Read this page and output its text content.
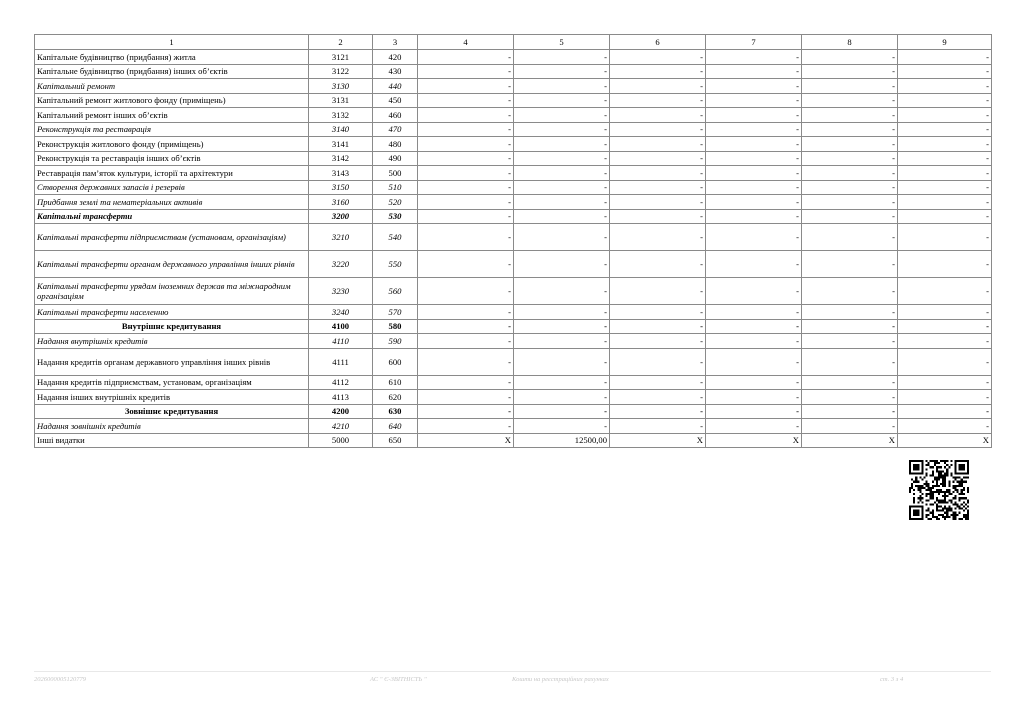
1	2	3	4	5	6	7	8	9
Капітальне будівництво (придбання) житла	3121	420	-	-	-	-	-	-
Капітальне будівництво (придбання) інших об’єктів	3122	430	-	-	-	-	-	-
Капітальний ремонт	3130	440	-	-	-	-	-	-
Капітальний ремонт житлового фонду (приміщень)	3131	450	-	-	-	-	-	-
Капітальний ремонт інших об’єктів	3132	460	-	-	-	-	-	-
Реконструкція та реставрація	3140	470	-	-	-	-	-	-
Реконструкція житлового фонду (приміщень)	3141	480	-	-	-	-	-	-
Реконструкція та реставрація інших об’єктів	3142	490	-	-	-	-	-	-
Реставрація пам’яток культури, історії та архітектури	3143	500	-	-	-	-	-	-
Створення державних запасів і резервів	3150	510	-	-	-	-	-	-
Придбання землі та нематеріальних активів	3160	520	-	-	-	-	-	-
Капітальні трансферти	3200	530	-	-	-	-	-	-
Капітальні трансферти підприємствам (установам, організаціям)	3210	540	-	-	-	-	-	-
Капітальні трансферти органам державного управління інших рівнів	3220	550	-	-	-	-	-	-
Капітальні трансферти урядам іноземних держав та міжнародним організаціям	3230	560	-	-	-	-	-	-
Капітальні трансферти населенню	3240	570	-	-	-	-	-	-
Внутрішнє кредитування	4100	580	-	-	-	-	-	-
Надання внутрішніх кредитів	4110	590	-	-	-	-	-	-
Надання кредитів органам державного управління інших рівнів	4111	600	-	-	-	-	-	-
Надання кредитів підприємствам, установам, організаціям	4112	610	-	-	-	-	-	-
Надання інших внутрішніх кредитів	4113	620	-	-	-	-	-	-
Зовнішнє кредитування	4200	630	-	-	-	-	-	-
Надання зовнішніх кредитів	4210	640	-	-	-	-	-	-
Інші видатки	5000	650	X	12500,00	X	X	X	X
2026000005120779	АС " Є-ЗВІТНІСТЬ "	Кошти на реєстраційних рахунках	ст. 3 з 4
